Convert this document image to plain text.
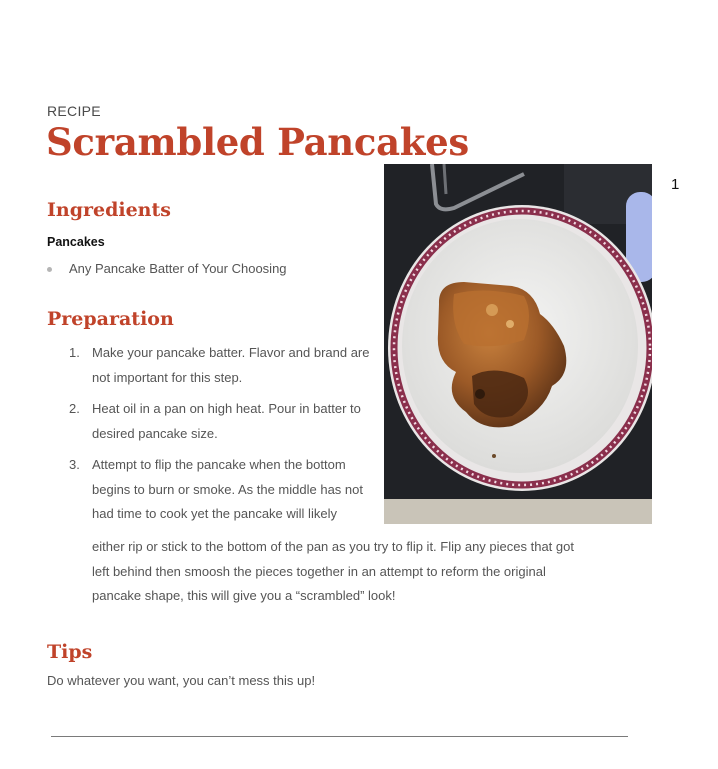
RECIPE
Scrambled Pancakes
1
Ingredients
Pancakes
Any Pancake Batter of Your Choosing
Preparation
1. Make your pancake batter. Flavor and brand are not important for this step.
2. Heat oil in a pan on high heat. Pour in batter to desired pancake size.
3. Attempt to flip the pancake when the bottom begins to burn or smoke. As the middle has not had time to cook yet the pancake will likely
either rip or stick to the bottom of the pan as you try to flip it. Flip any pieces that got left behind then smoosh the pieces together in an attempt to reform the original pancake shape, this will give you a “scrambled” look!
Tips
Do whatever you want, you can’t mess this up!
